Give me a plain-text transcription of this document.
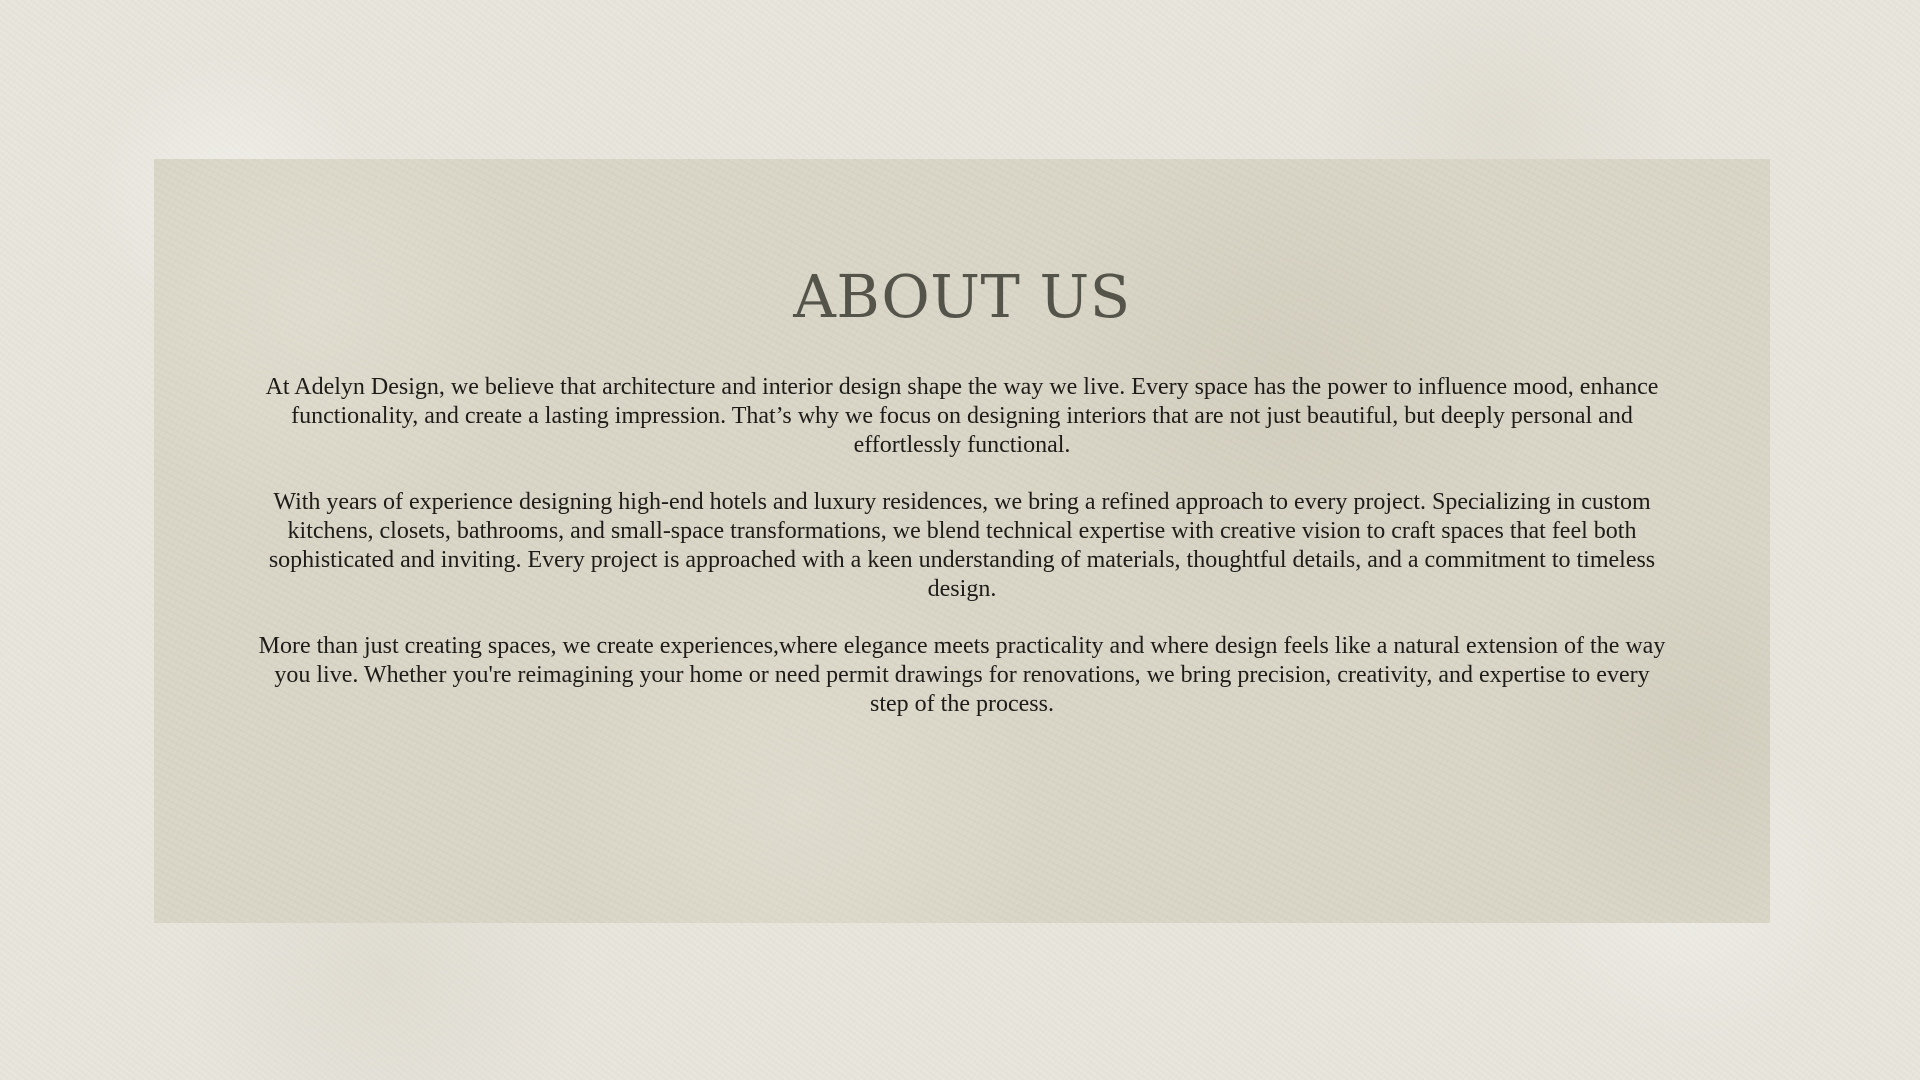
ABOUT US

At Adelyn Design, we believe that architecture and interior design shape the way we live. Every space has the power to influence mood, enhance functionality, and create a lasting impression. That’s why we focus on designing interiors that are not just beautiful, but deeply personal and effortlessly functional.

With years of experience designing high-end hotels and luxury residences, we bring a refined approach to every project. Specializing in custom kitchens, closets, bathrooms, and small-space transformations, we blend technical expertise with creative vision to craft spaces that feel both sophisticated and inviting. Every project is approached with a keen understanding of materials, thoughtful details, and a commitment to timeless design.

More than just creating spaces, we create experiences,where elegance meets practicality and where design feels like a natural extension of the way you live. Whether you're reimagining your home or need permit drawings for renovations, we bring precision, creativity, and expertise to every step of the process.
